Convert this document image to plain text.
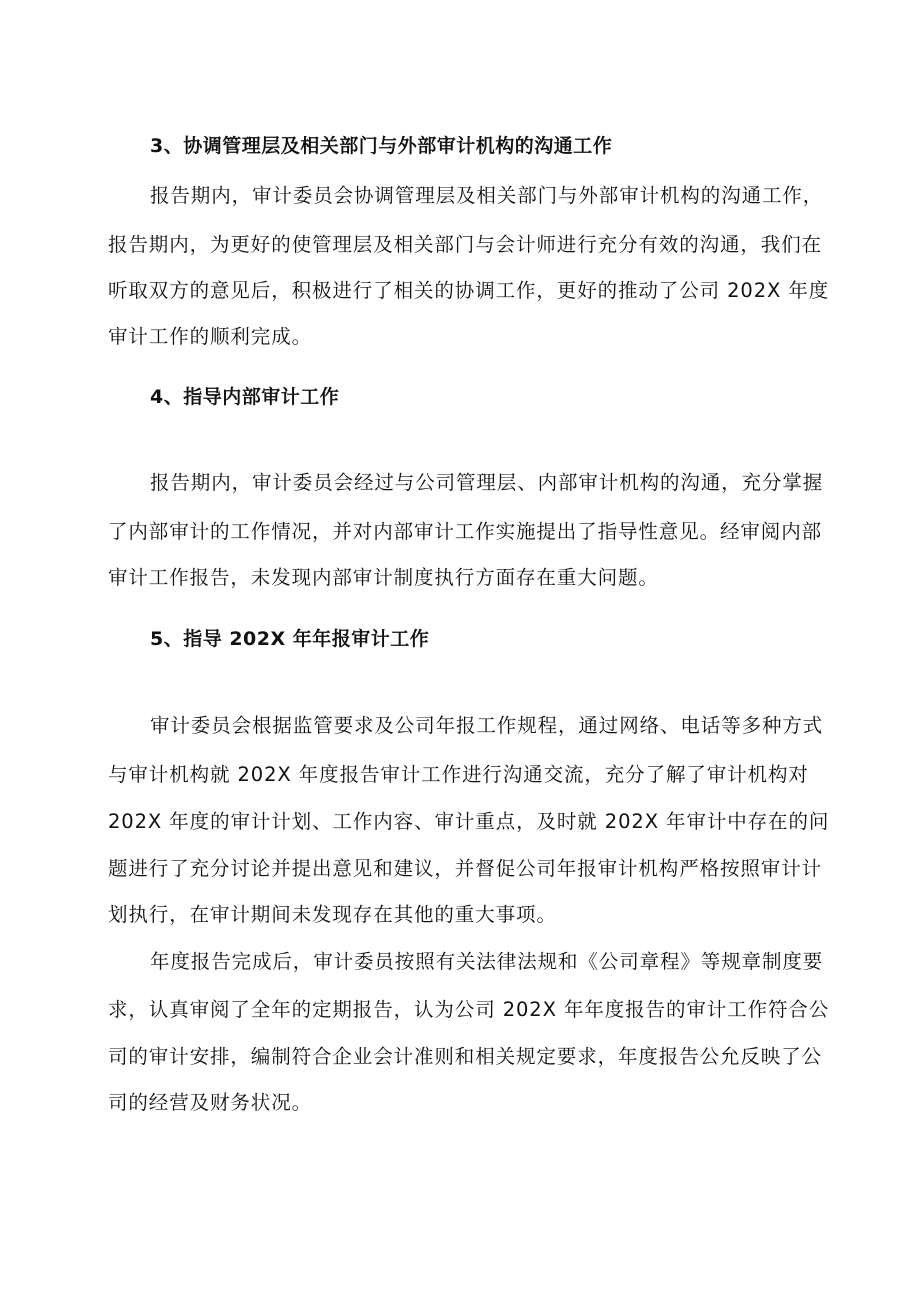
3、协调管理层及相关部门与外部审计机构的沟通工作
报告期内，审计委员会协调管理层及相关部门与外部审计机构的沟通工作，
报告期内，为更好的使管理层及相关部门与会计师进行充分有效的沟通，我们在
听取双方的意见后，积极进行了相关的协调工作，更好的推动了公司 202X 年度
审计工作的顺利完成。
4、指导内部审计工作
报告期内，审计委员会经过与公司管理层、内部审计机构的沟通，充分掌握
了内部审计的工作情况，并对内部审计工作实施提出了指导性意见。经审阅内部
审计工作报告，未发现内部审计制度执行方面存在重大问题。
5、指导 202X 年年报审计工作
审计委员会根据监管要求及公司年报工作规程，通过网络、电话等多种方式
与审计机构就 202X 年度报告审计工作进行沟通交流，充分了解了审计机构对
202X 年度的审计计划、工作内容、审计重点，及时就 202X 年审计中存在的问
题进行了充分讨论并提出意见和建议，并督促公司年报审计机构严格按照审计计
划执行，在审计期间未发现存在其他的重大事项。
年度报告完成后，审计委员按照有关法律法规和《公司章程》等规章制度要
求，认真审阅了全年的定期报告，认为公司 202X 年年度报告的审计工作符合公
司的审计安排，编制符合企业会计准则和相关规定要求，年度报告公允反映了公
司的经营及财务状况。
